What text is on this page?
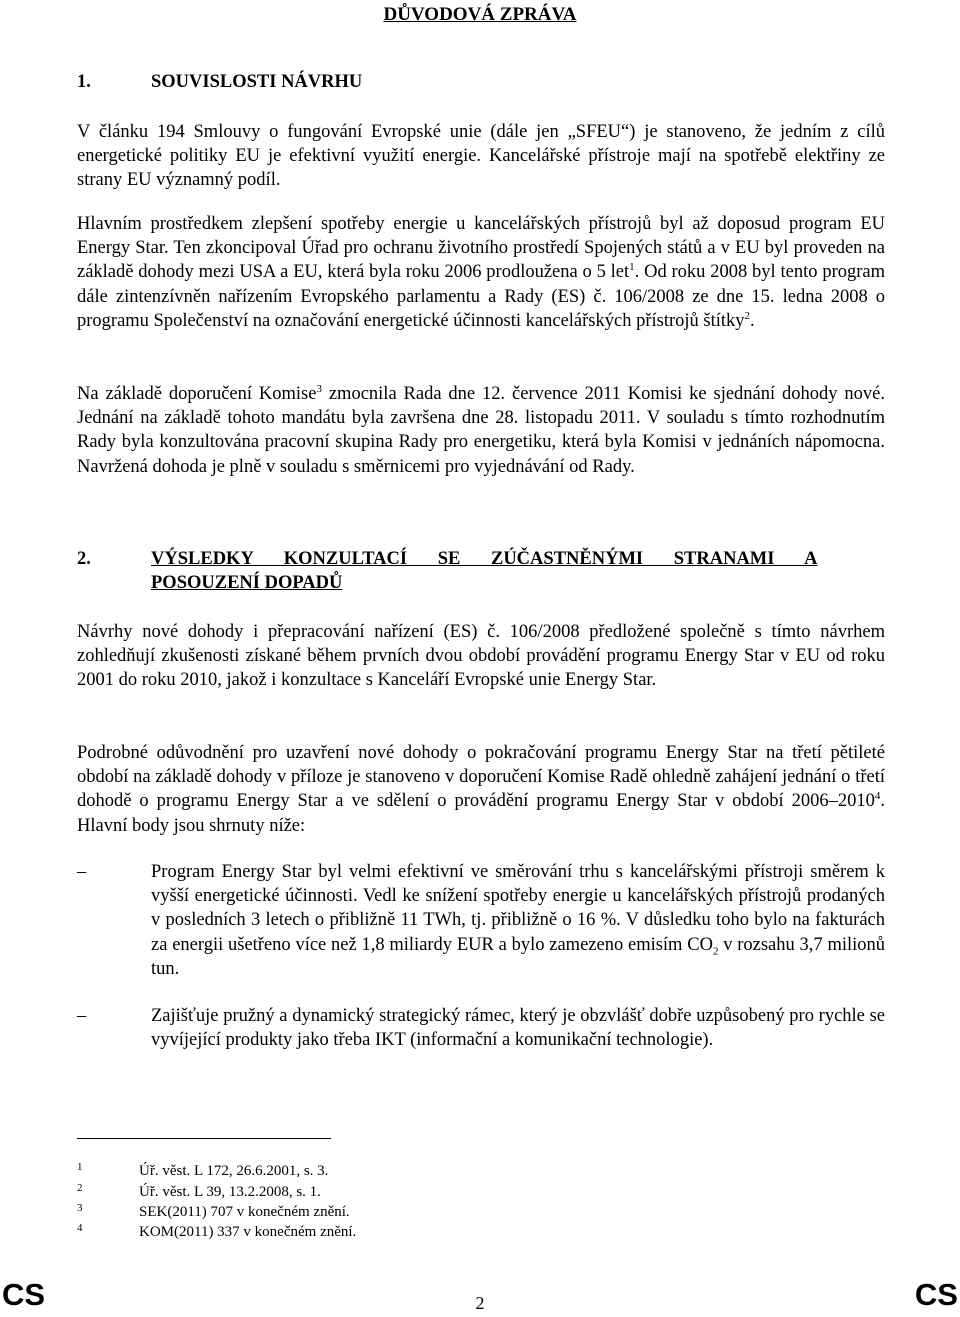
DŮVODOVÁ ZPRÁVA
1.	SOUVISLOSTI NÁVRHU

V článku 194 Smlouvy o fungování Evropské unie (dále jen „SFEU“) je stanoveno, že jedním z cílů energetické politiky EU je efektivní využití energie. Kancelářské přístroje mají na spotřebě elektřiny ze strany EU významný podíl.

Hlavním prostředkem zlepšení spotřeby energie u kancelářských přístrojů byl až doposud program EU Energy Star. Ten zkoncipoval Úřad pro ochranu životního prostředí Spojených států a v EU byl proveden na základě dohody mezi USA a EU, která byla roku 2006 prodloužena o 5 let$^1$. Od roku 2008 byl tento program dále zintenzívněn nařízením Evropského parlamentu a Rady (ES) č. 106/2008 ze dne 15. ledna 2008 o programu Společenství na označování energetické účinnosti kancelářských přístrojů štítky$^2$.

Na základě doporučení Komise$^3$ zmocnila Rada dne 12. července 2011 Komisi ke sjednání dohody nové. Jednání na základě tohoto mandátu byla završena dne 28. listopadu 2011. V souladu s tímto rozhodnutím Rady byla konzultována pracovní skupina Rady pro energetiku, která byla Komisi v jednáních nápomocna. Navržená dohoda je plně v souladu s směrnicemi pro vyjednávání od Rady.

2.	VÝSLEDKY KONZULTACÍ SE ZÚČASTNĚNÝMI STRANAMI A
POSOUZENÍ DOPADŮ

Návrhy nové dohody i přepracování nařízení (ES) č. 106/2008 předložené společně s tímto návrhem zohledňují zkušenosti získané během prvních dvou období provádění programu Energy Star v EU od roku 2001 do roku 2010, jakož i konzultace s Kanceláří Evropské unie Energy Star.

Podrobné odůvodnění pro uzavření nové dohody o pokračování programu Energy Star na třetí pětileté období na základě dohody v příloze je stanoveno v doporučení Komise Radě ohledně zahájení jednání o třetí dohodě o programu Energy Star a ve sdělení o provádění programu Energy Star v období 2006–2010$^4$. Hlavní body jsou shrnuty níže:

–	Program Energy Star byl velmi efektivní ve směrování trhu s kancelářskými přístroji směrem k vyšší energetické účinnosti. Vedl ke snížení spotřeby energie u kancelářských přístrojů prodaných v posledních 3 letech o přibližně 11 TWh, tj. přibližně o 16 %. V důsledku toho bylo na fakturách za energii ušetřeno více než 1,8 miliardy EUR a bylo zamezeno emisím $CO_2$ v rozsahu 3,7 milionů tun.
–	Zajišťuje pružný a dynamický strategický rámec, který je obzvlášť dobře uzpůsobený pro rychle se vyvíjející produkty jako třeba IKT (informační a komunikační technologie).
1	Úř. věst. L 172, 26.6.2001, s. 3.
2	Úř. věst. L 39, 13.2.2008, s. 1.
3	SEK(2011) 707 v konečném znění.
4	KOM(2011) 337 v konečném znění.
CS	2	CS
